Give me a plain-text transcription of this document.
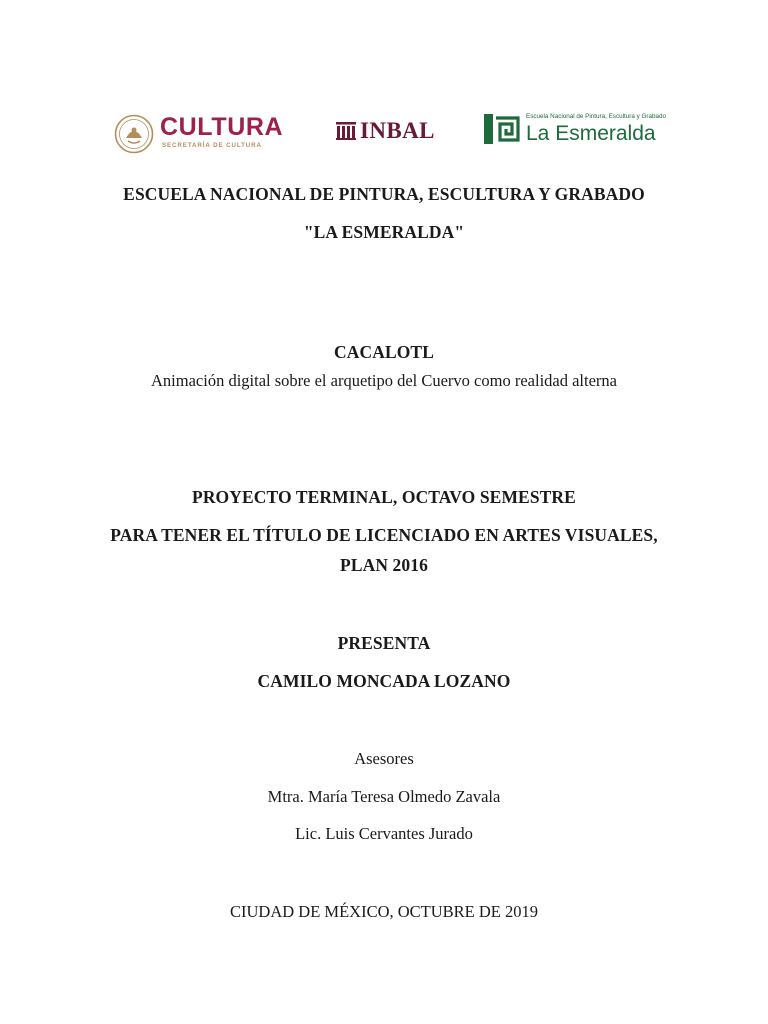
CULTURA
SECRETARÍA DE CULTURA
INBAL
Escuela Nacional de Pintura, Escultura y Grabado
La Esmeralda
ESCUELA NACIONAL DE PINTURA, ESCULTURA Y GRABADO
"LA ESMERALDA"
CACALOTL
Animación digital sobre el arquetipo del Cuervo como realidad alterna
PROYECTO TERMINAL, OCTAVO SEMESTRE
PARA TENER EL TÍTULO DE LICENCIADO EN ARTES VISUALES,
PLAN 2016
PRESENTA
CAMILO MONCADA LOZANO
Asesores
Mtra. María Teresa Olmedo Zavala
Lic. Luis Cervantes Jurado
CIUDAD DE MÉXICO, OCTUBRE DE 2019
